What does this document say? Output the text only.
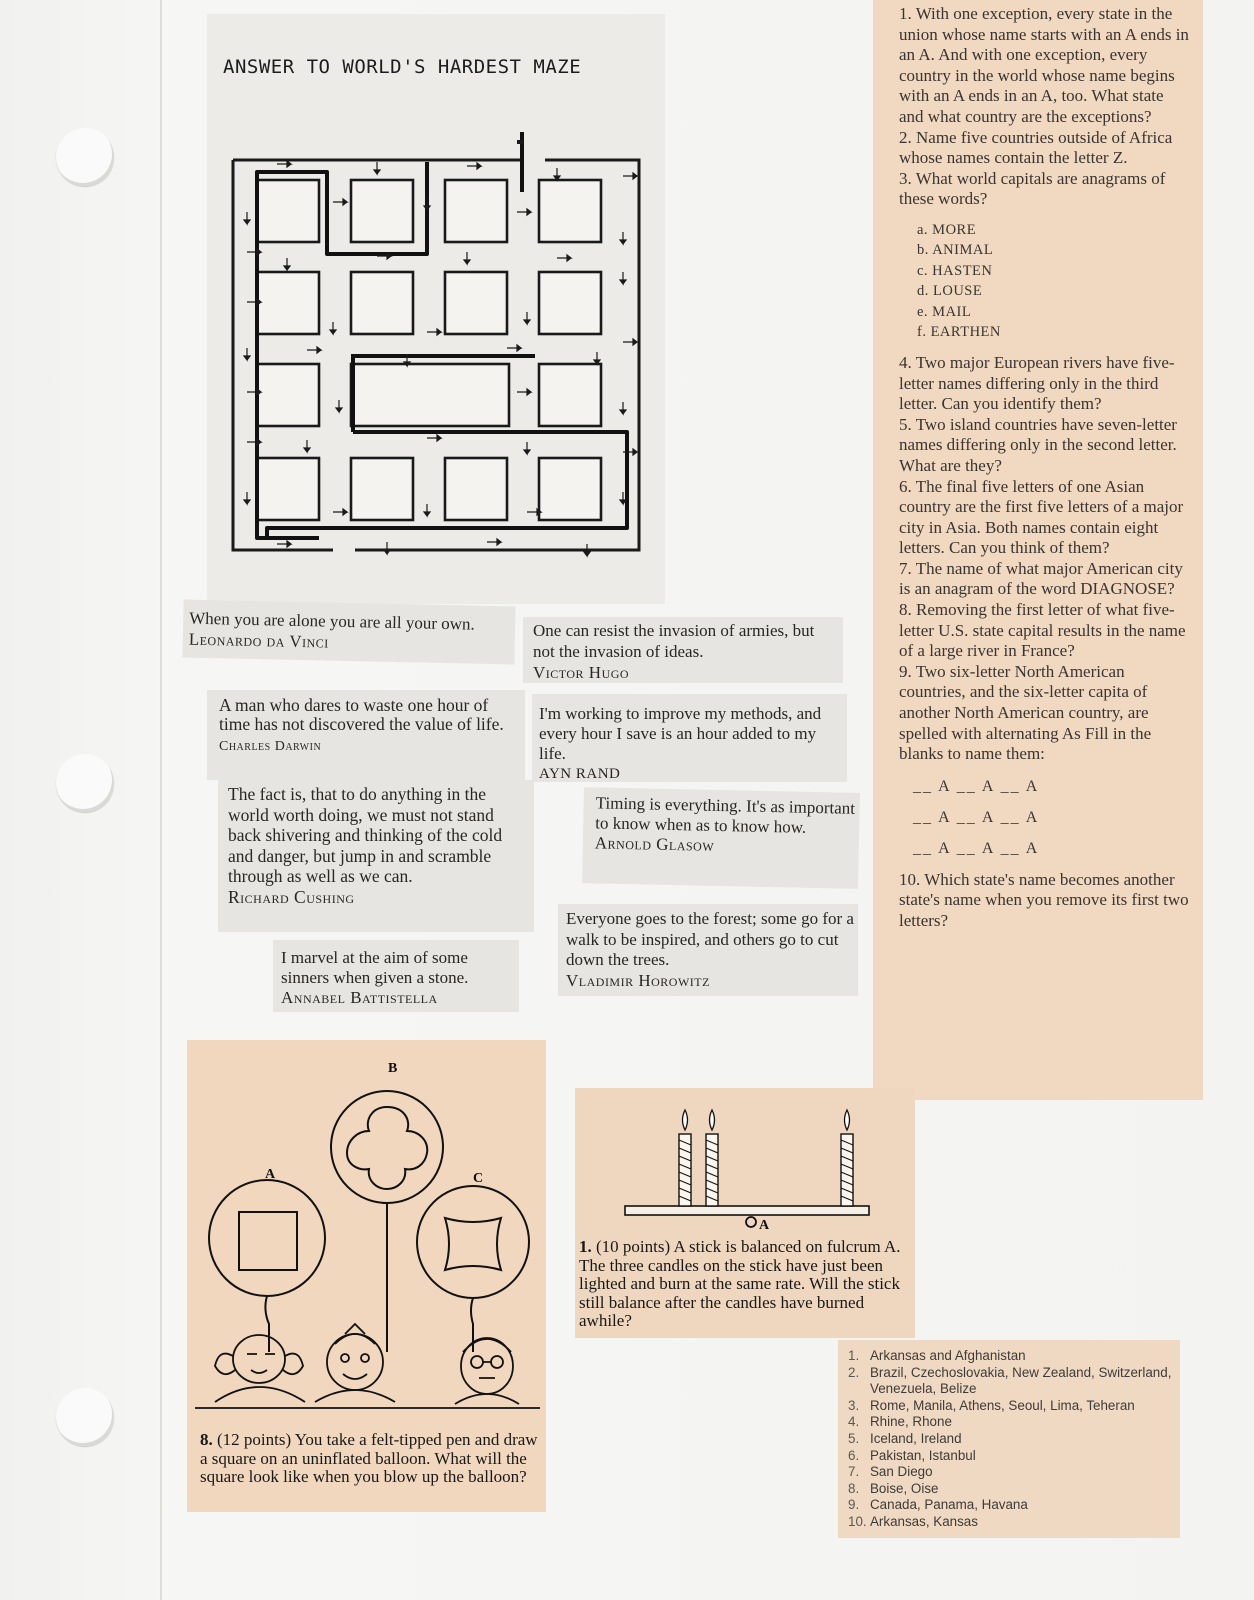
ANSWER TO WORLD'S HARDEST MAZE
When you are alone you are all your own.
Leonardo da Vinci	One can resist the invasion of armies, but not the invasion of ideas.
Victor Hugo
A man who dares to waste one hour of time has not discovered the value of life.
Charles Darwin
I'm working to improve my methods, and every hour I save is an hour added to my life.
AYN RAND
The fact is, that to do anything in the world worth doing, we must not stand back shivering and thinking of the cold and danger, but jump in and scramble through as well as we can.
Richard Cushing
Timing is everything. It's as important to know when as to know how.
Arnold Glasow
Everyone goes to the forest; some go for a walk to be inspired, and others go to cut down the trees.
Vladimir Horowitz
I marvel at the aim of some sinners when given a stone.
Annabel Battistella

1. With one exception, every state in the union whose name starts with an A ends in an A. And with one exception, every country in the world whose name begins with an A ends in an A, too. What state and what country are the exceptions?

2. Name five countries outside of Africa whose names contain the letter Z.

3. What world capitals are anagrams of these words?

a. MORE
b. ANIMAL
c. HASTEN
d. LOUSE
e. MAIL
f. EARTHEN

4. Two major European rivers have five-letter names differing only in the third letter. Can you identify them?

5. Two island countries have seven-letter names differing only in the second letter. What are they?

6. The final five letters of one Asian country are the first five letters of a major city in Asia. Both names contain eight letters. Can you think of them?

7. The name of what major American city is an anagram of the word DIAGNOSE?

8. Removing the first letter of what five-letter U.S. state capital results in the name of a large river in France?

9. Two six-letter North American countries, and the six-letter capita of another North American country, are spelled with alternating As Fill in the blanks to name them:

__ A __ A __ A
__ A __ A __ A
__ A __ A __ A

10. Which state's name becomes another state's name when you remove its first two letters?

B
A	C
8. (12 points) You take a felt-tipped pen and draw a square on an uninflated balloon. What will the square look like when you blow up the balloon?
A
1. (10 points) A stick is balanced on fulcrum A. The three candles on the stick have just been lighted and burn at the same rate. Will the stick still balance after the candles have burned awhile?
1. Arkansas and Afghanistan
2. Brazil, Czechoslovakia, New Zealand, Switzerland, Venezuela, Belize
3. Rome, Manila, Athens, Seoul, Lima, Teheran
4. Rhine, Rhone
5. Iceland, Ireland
6. Pakistan, Istanbul
7. San Diego
8. Boise, Oise
9. Canada, Panama, Havana
10. Arkansas, Kansas
